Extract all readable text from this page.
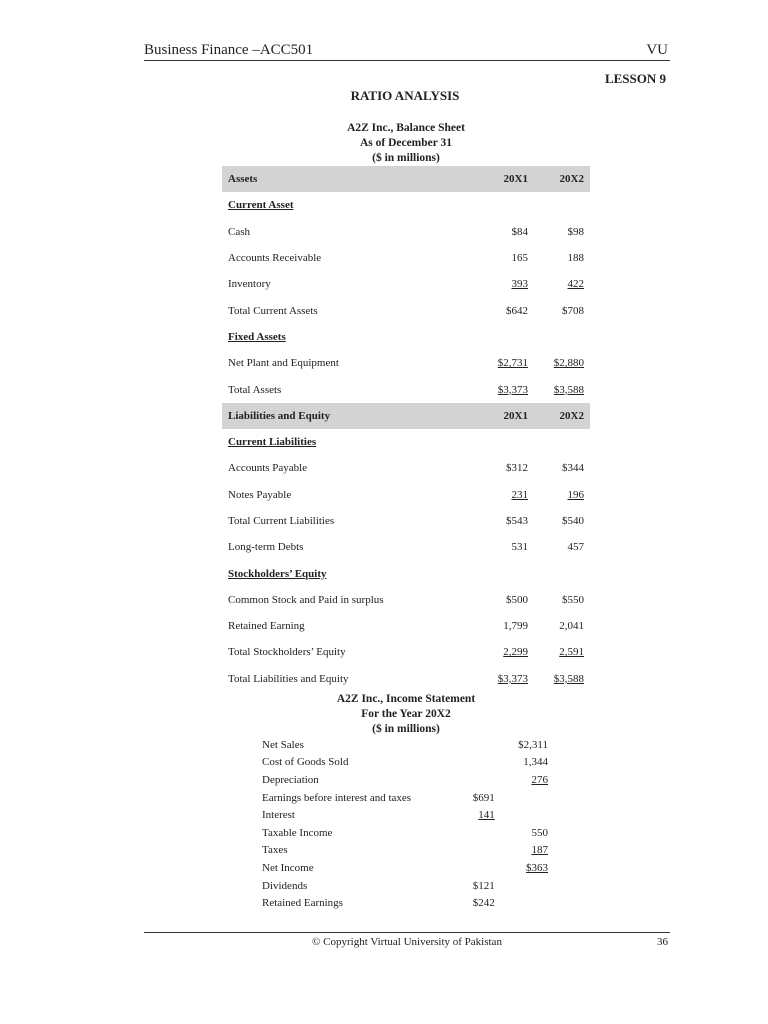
Business Finance –ACC501	VU
LESSON 9
RATIO ANALYSIS
A2Z Inc., Balance Sheet
As of December 31
($ in millions)
Assets	20X1	20X2
Current Asset		
Cash	$84	$98
Accounts Receivable	165	188
Inventory	393	422
Total Current Assets	$642	$708
Fixed Assets		
Net Plant and Equipment	$2,731	$2,880
Total Assets	$3,373	$3,588
Liabilities and Equity	20X1	20X2
Current Liabilities		
Accounts Payable	$312	$344
Notes Payable	231	196
Total Current Liabilities	$543	$540
Long-term Debts	531	457
Stockholders’ Equity		
Common Stock and Paid in surplus	$500	$550
Retained Earning	1,799	2,041
Total Stockholders’ Equity	2,299	2,591
Total Liabilities and Equity	$3,373	$3,588
A2Z Inc., Income Statement
For the Year 20X2
($ in millions)
Net Sales		$2,311
Cost of Goods Sold		1,344
Depreciation		276
Earnings before interest and taxes	$691	
Interest	141	
Taxable Income		550
Taxes		187
Net Income		$363
Dividends	$121	
Retained Earnings	$242	
© Copyright Virtual University of Pakistan	36
